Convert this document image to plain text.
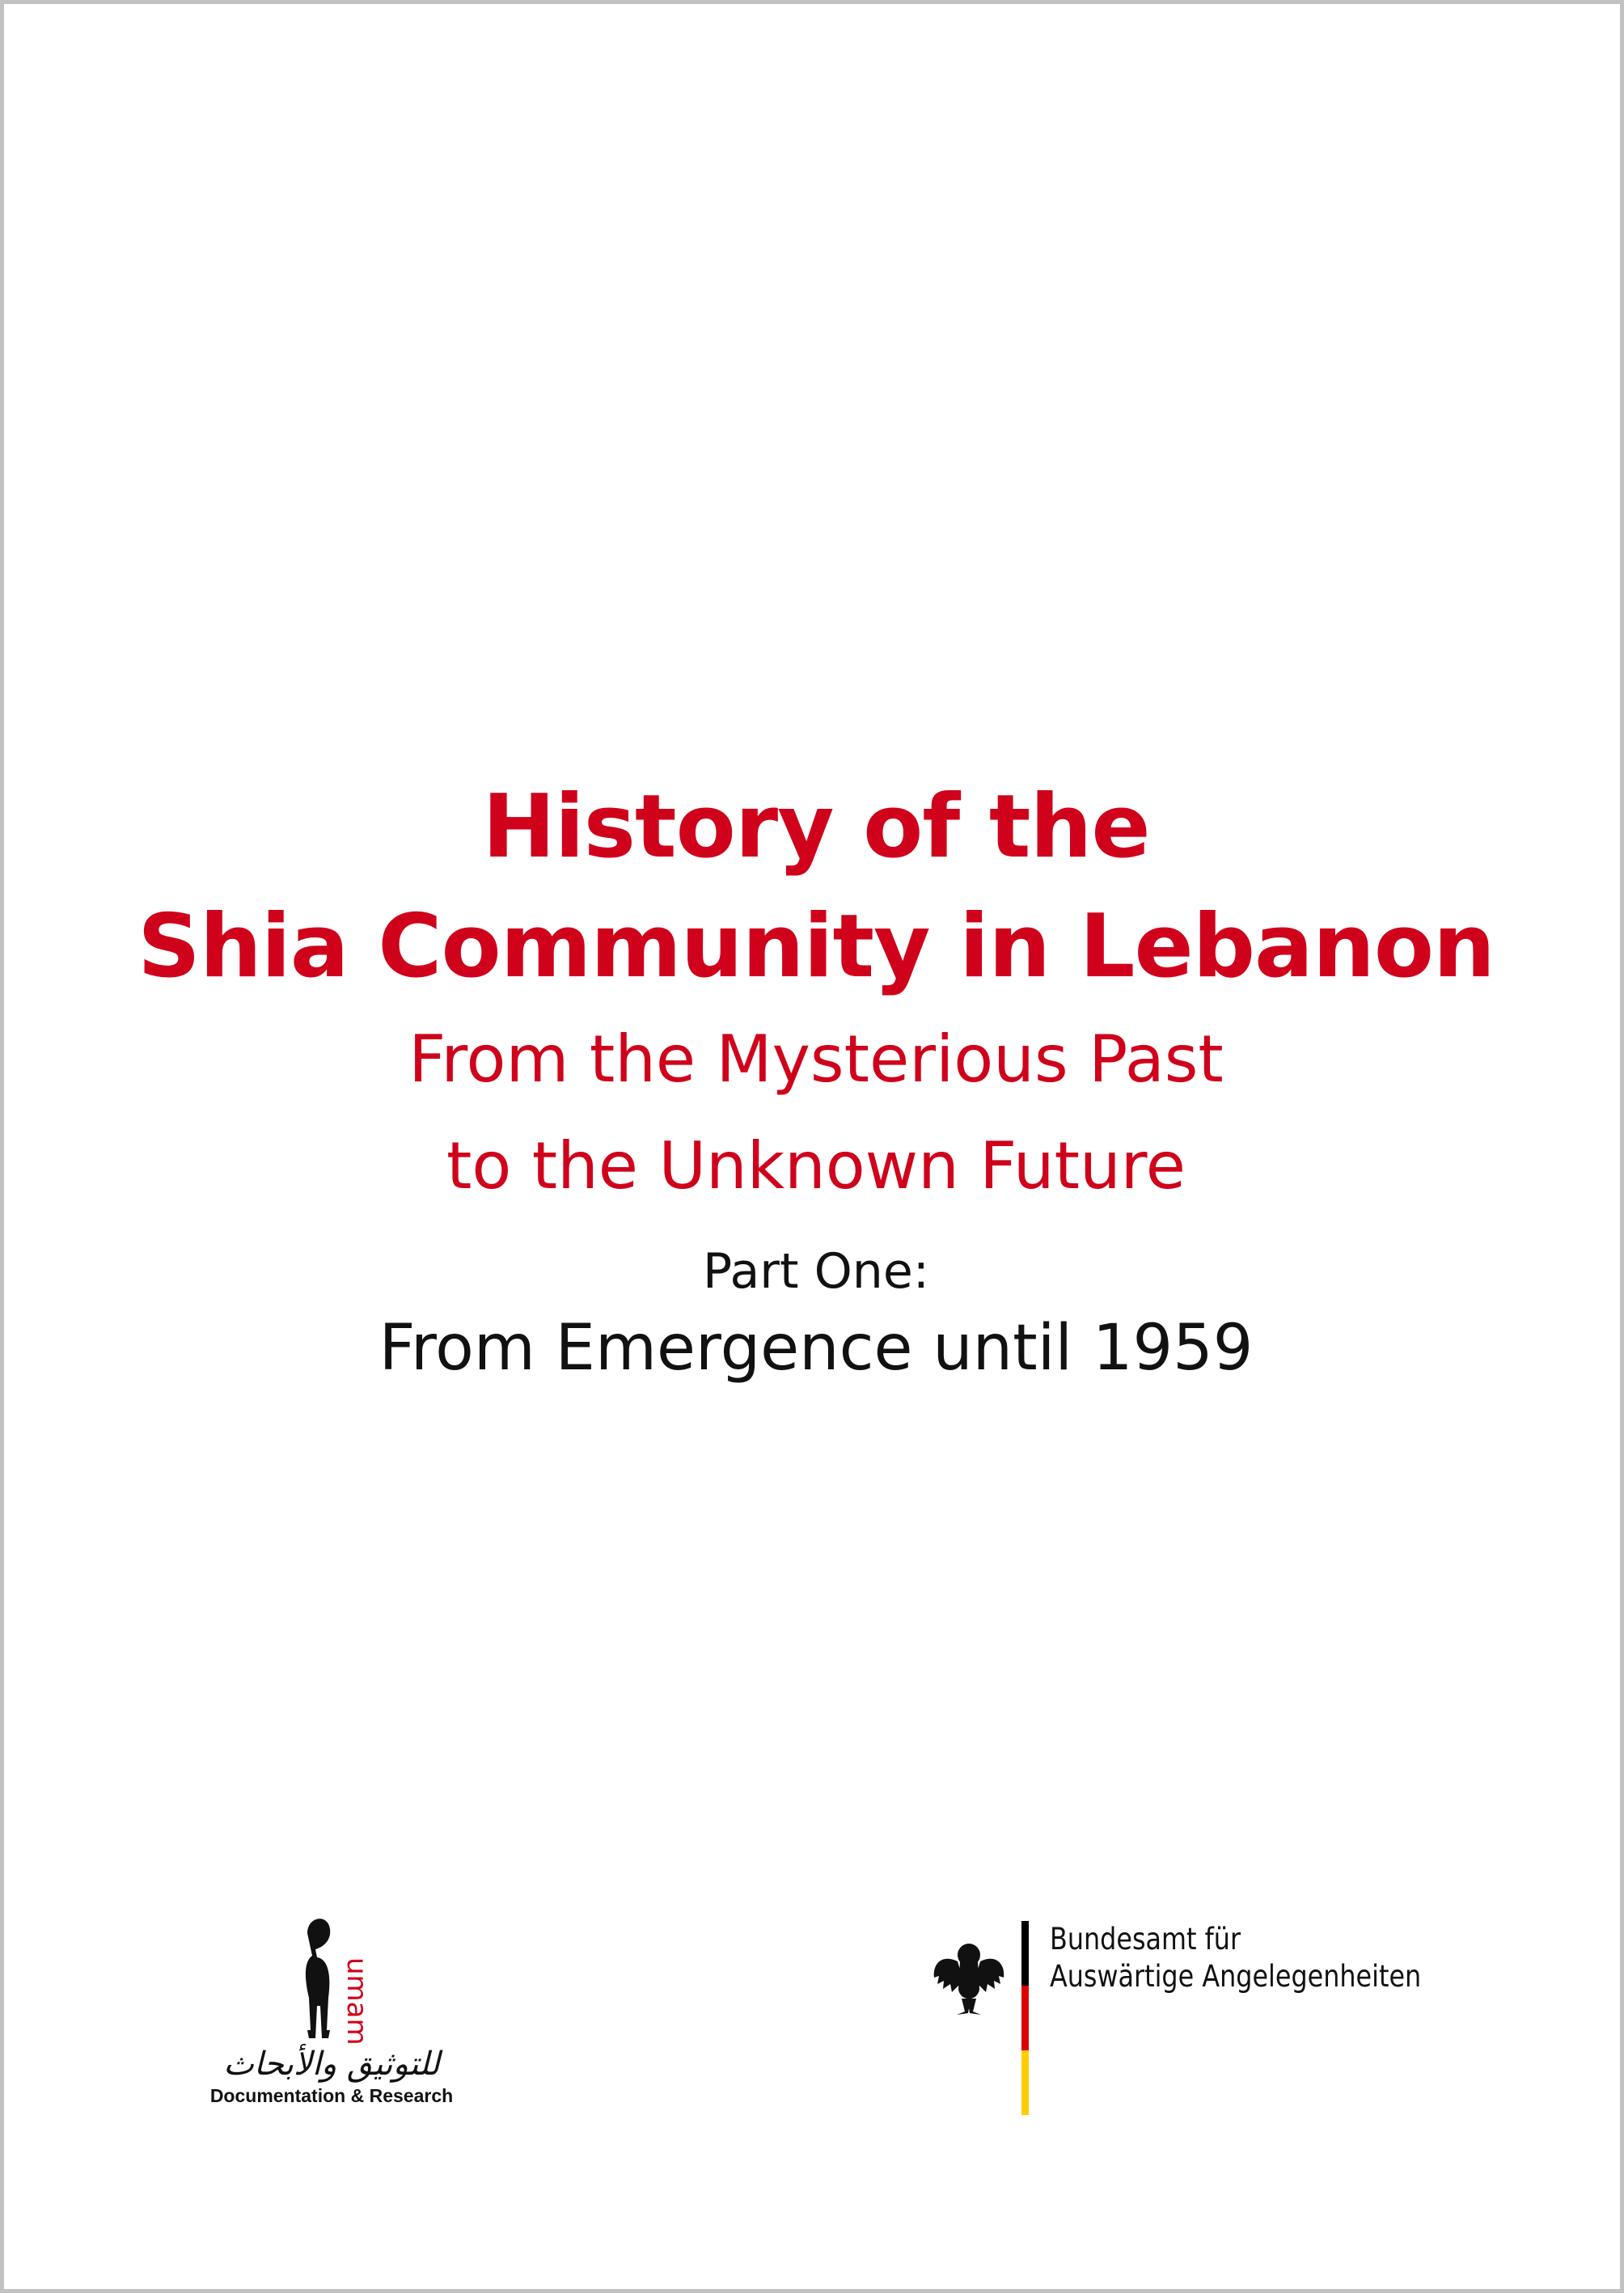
History of the
Shia Community in Lebanon
From the Mysterious Past
to the Unknown Future
Part One:
From Emergence until 1959
umam
للتوثيق والأبحاث
Documentation & Research
Bundesamt für
Auswärtige Angelegenheiten
